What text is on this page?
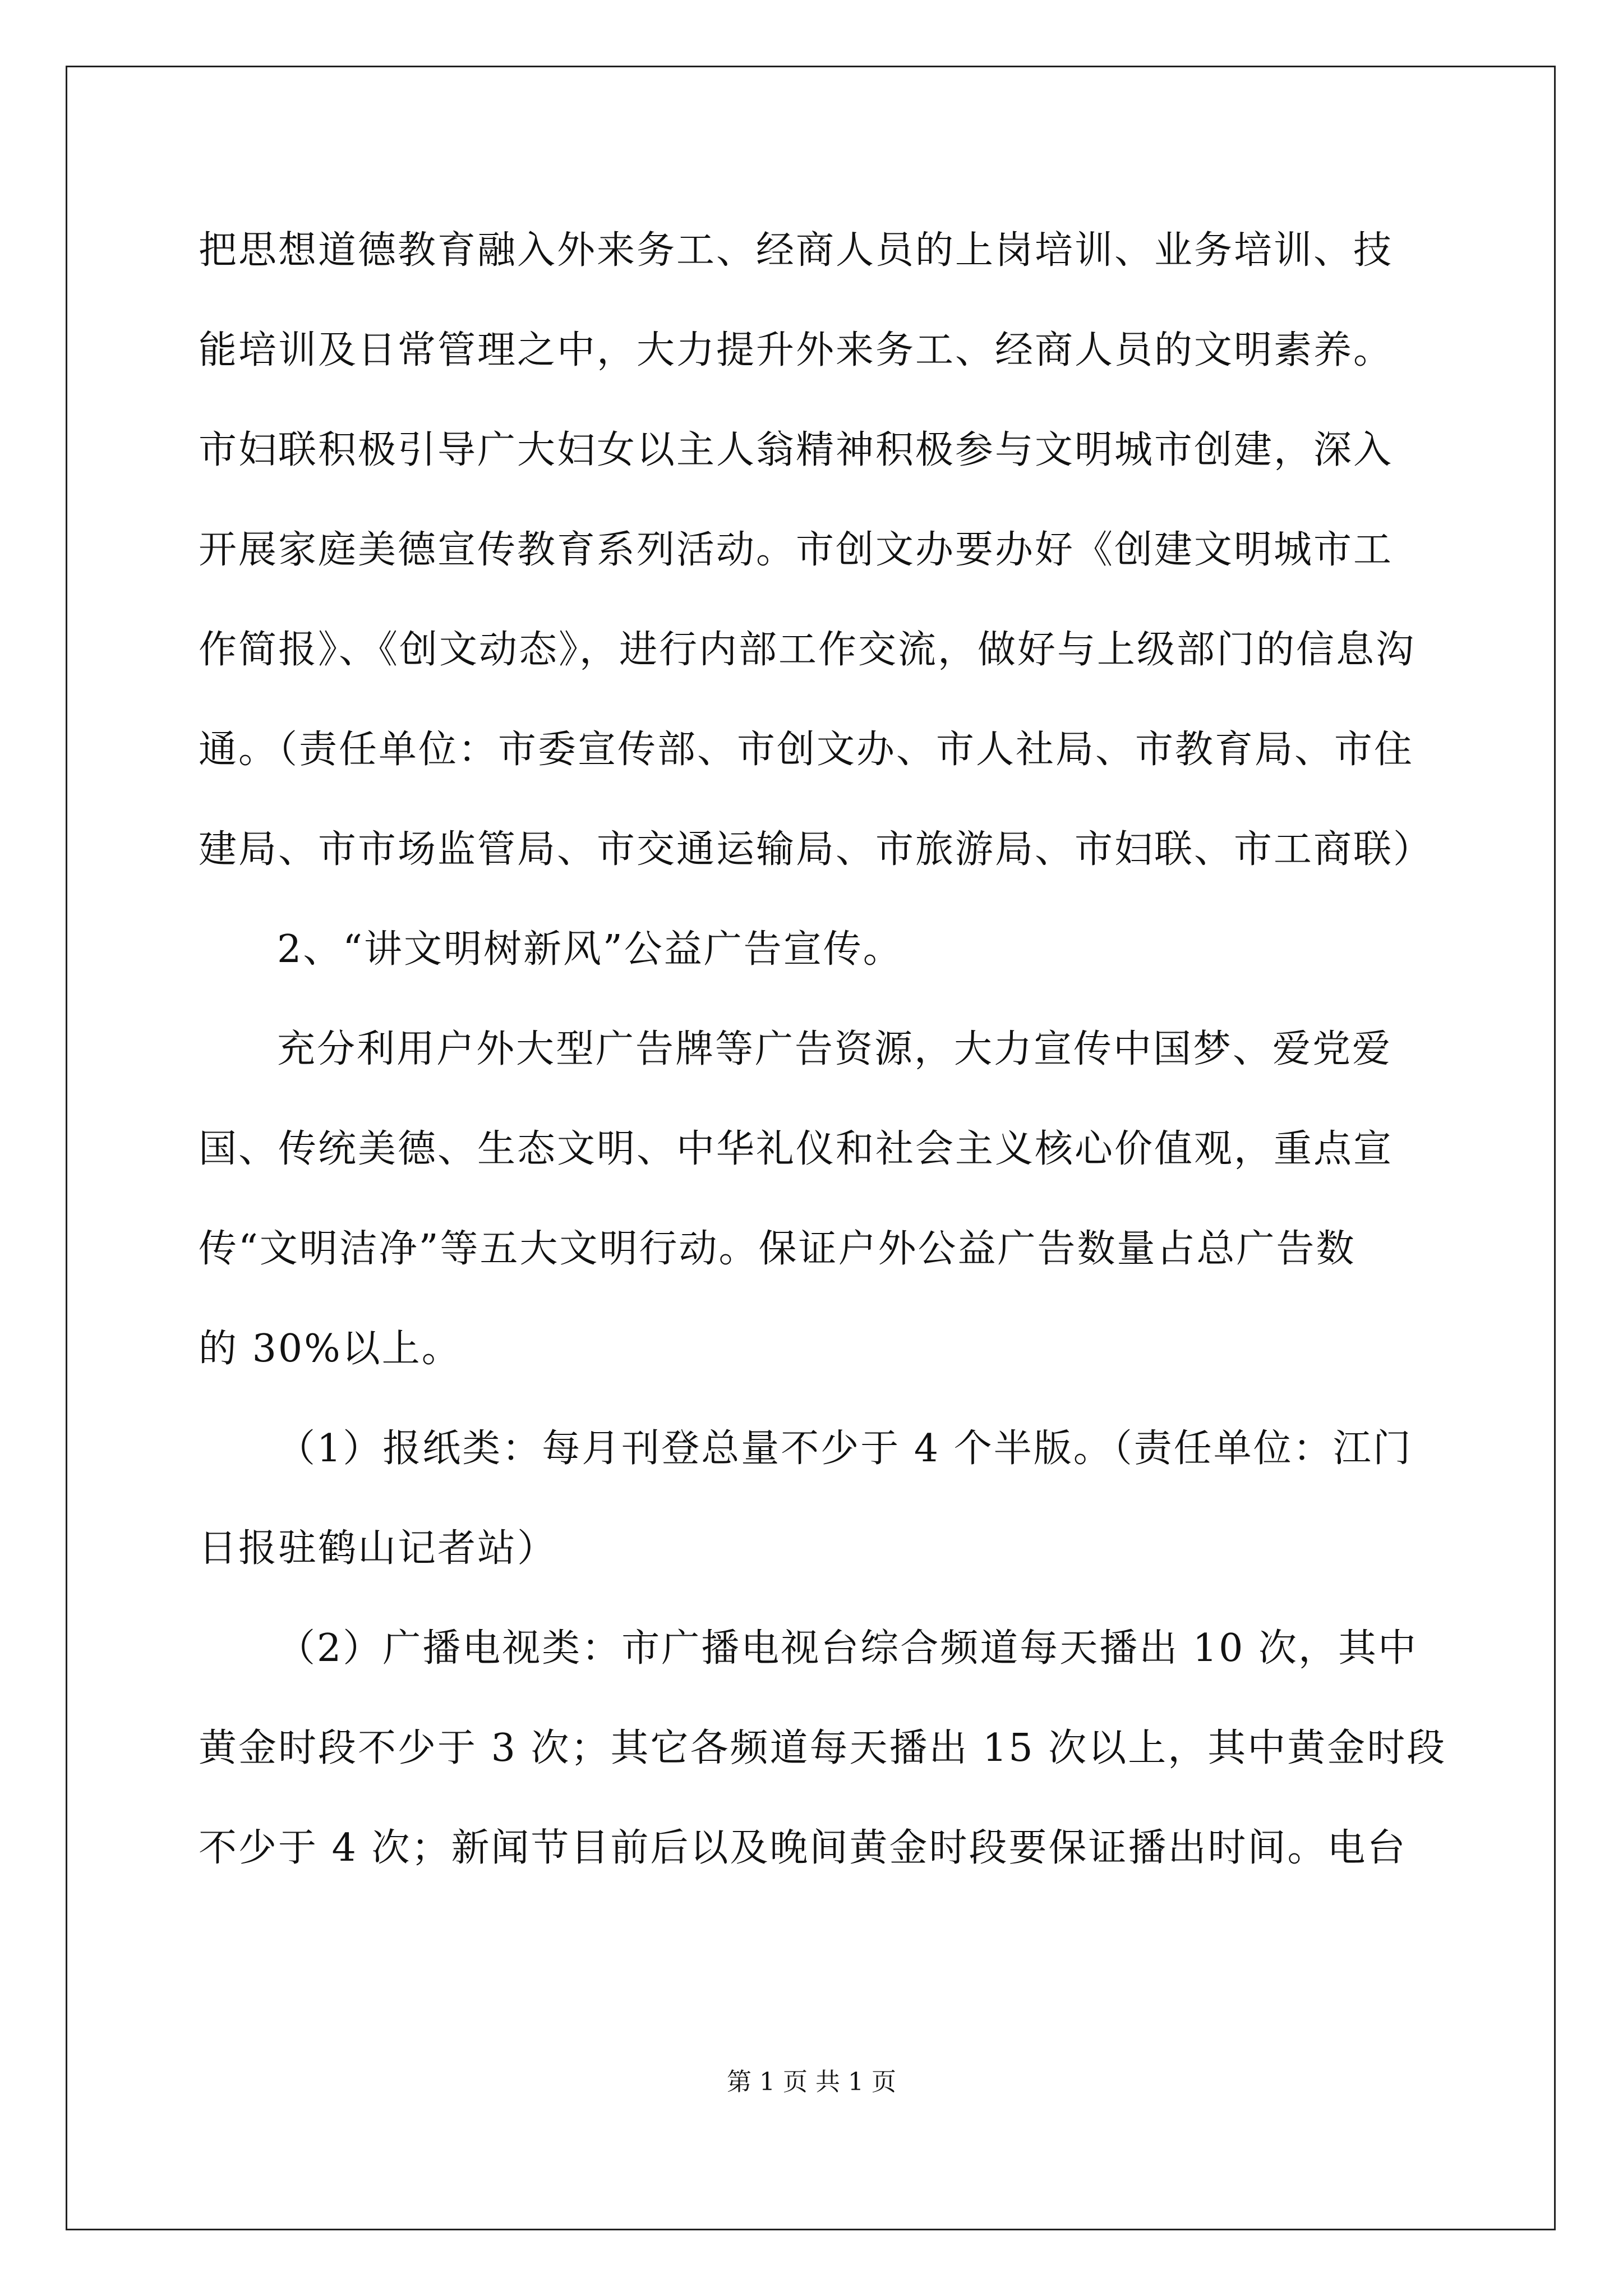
把思想道德教育融入外来务工、经商人员的上岗培训、业务培训、技
能培训及日常管理之中，大力提升外来务工、经商人员的文明素养。
市妇联积极引导广大妇女以主人翁精神积极参与文明城市创建，深入
开展家庭美德宣传教育系列活动。市创文办要办好《创建文明城市工
作简报》、《创文动态》，进行内部工作交流，做好与上级部门的信息沟
通。（责任单位：市委宣传部、市创文办、市人社局、市教育局、市住
建局、市市场监管局、市交通运输局、市旅游局、市妇联、市工商联）
2、“讲文明树新风”公益广告宣传。
充分利用户外大型广告牌等广告资源，大力宣传中国梦、爱党爱
国、传统美德、生态文明、中华礼仪和社会主义核心价值观，重点宣
传“文明洁净”等五大文明行动。保证户外公益广告数量占总广告数
的 30%以上。
（1）报纸类：每月刊登总量不少于 4 个半版。（责任单位：江门
日报驻鹤山记者站）
（2）广播电视类：市广播电视台综合频道每天播出 10 次，其中
黄金时段不少于 3 次；其它各频道每天播出 15 次以上，其中黄金时段
不少于 4 次；新闻节目前后以及晚间黄金时段要保证播出时间。电台
第 1 页 共 1 页
